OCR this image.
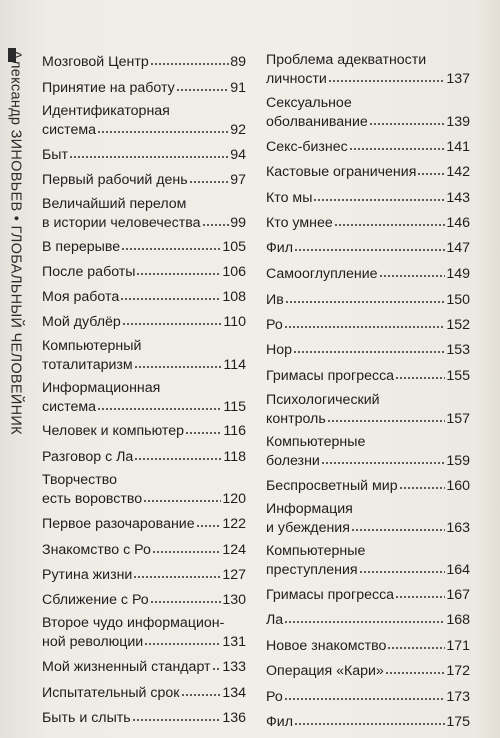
Александр ЗИНОВЬЕВ • ГЛОБАЛЬНЫЙ ЧЕЛОВЕЙНИК Мозговой Центр	89
Принятие на работу	91
Идентификаторная
система	92
Быт	94
Первый рабочий день	97
Величайший перелом
в истории человечества 99
В перерыве	105
После работы	106
Моя работа	108
Мой дублёр	110
Компьютерный
тоталитаризм	114
Информационная
система	115
Человек и компьютер	116
Разговор с Ла	118
Творчество
есть воровство	120
Первое разочарование 122
Знакомство с Ро	124
Рутина жизни	127
Сближение с Ро	130
Второе чудо информацион-
ной революции	131
Мой жизненный стандарт 133
Испытательный срок	134
Быть и слыть	136
Проблема адекватности
личности	137
Сексуальное
оболванивание	139
Секс-бизнес	141
Кастовые ограничения 142
Кто мы	143
Кто умнее	146
Фил	147
Самооглупление	149
Ив	150
Ро	152
Нор	153
Гримасы прогресса	155
Психологический
контроль	157
Компьютерные
болезни	159
Беспросветный мир	160
Информация
и убеждения	163
Компьютерные
преступления	164
Гримасы прогресса	167
Ла	168
Новое знакомство	171
Операция «Кари»	172
Ро	173
Фил	175
